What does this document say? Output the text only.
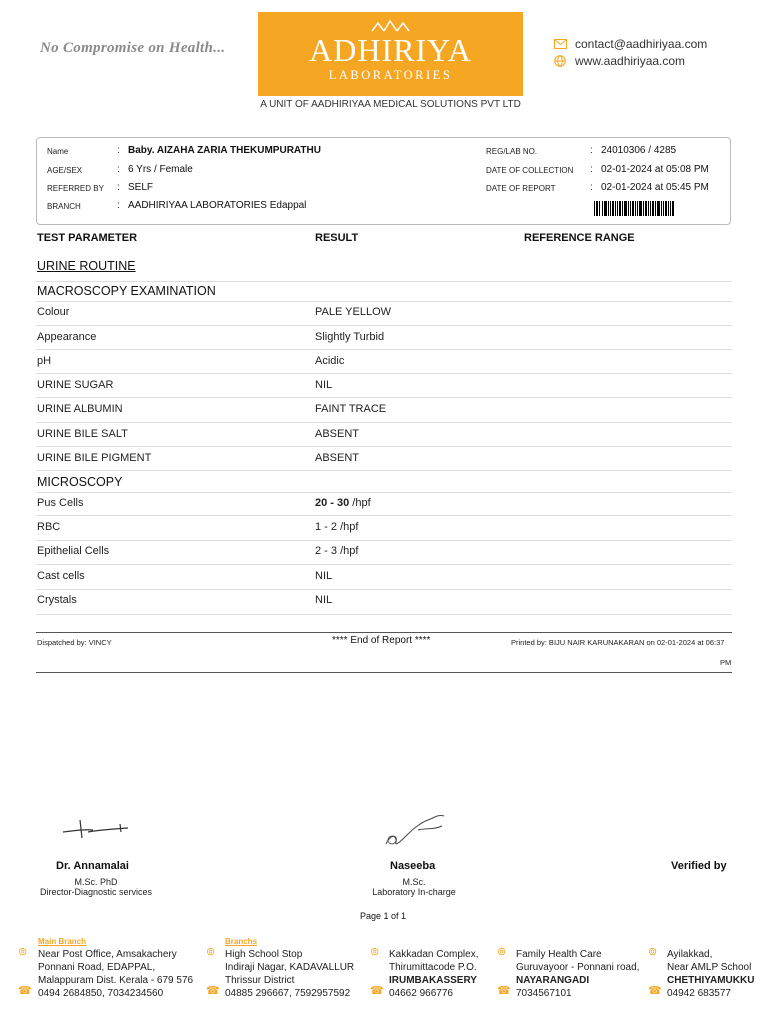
No Compromise on Health...	ADHIRIYA
LABORATORIES
A UNIT OF AADHIRIYAA MEDICAL SOLUTIONS PVT LTD
contact@aadhiriyaa.com
www.aadhiriyaa.com
Name	: Baby. AIZAHA ZARIA THEKUMPURATHU
AGE/SEX	: 6 Yrs / Female
REFERRED BY : SELF
BRANCH	: AADHIRIYAA LABORATORIES Edappal
REG/LAB NO.	: 24010306 / 4285
DATE OF COLLECTION : 02-01-2024 at 05:08 PM
DATE OF REPORT	: 02-01-2024 at 05:45 PM
TEST PARAMETER	RESULT	REFERENCE RANGE
URINE ROUTINE
MACROSCOPY EXAMINATION
Colour	PALE YELLOW
Appearance	Slightly Turbid
pH	Acidic
URINE SUGAR	NIL
URINE ALBUMIN	FAINT TRACE
URINE BILE SALT	ABSENT
URINE BILE PIGMENT	ABSENT
MICROSCOPY
Pus Cells	20 - 30 /hpf
RBC	1 - 2 /hpf
Epithelial Cells	2 - 3 /hpf
Cast cells	NIL
Crystals	NIL
Dispatched by: VINCY	**** End of Report ****	Printed by: BIJU NAIR KARUNAKARAN on 02-01-2024 at 06:37
PM
Dr. Annamalai
M.Sc. PhD
Director-Diagnostic services
Naseeba
M.Sc.
Laboratory In-charge
Verified by
Page 1 of 1
Main Branch
⊚ Near Post Office, Amsakachery
Ponnani Road, EDAPPAL,
Malappuram Dist. Kerala - 679 576
☎ 0494 2684850, 7034234560
Branchs
⊚ High School Stop
Indiraji Nagar, KADAVALLUR
Thrissur District
☎ 04885 296667, 7592957592
⊚ Kakkadan Complex,
Thirumittacode P.O.
IRUMBAKASSERY
☎ 04662 966776
⊚ Family Health Care
Guruvayoor - Ponnani road,
NAYARANGADI
☎ 7034567101
⊚ Ayilakkad,
Near AMLP School
CHETHIYAMUKKU
☎ 04942 683577
